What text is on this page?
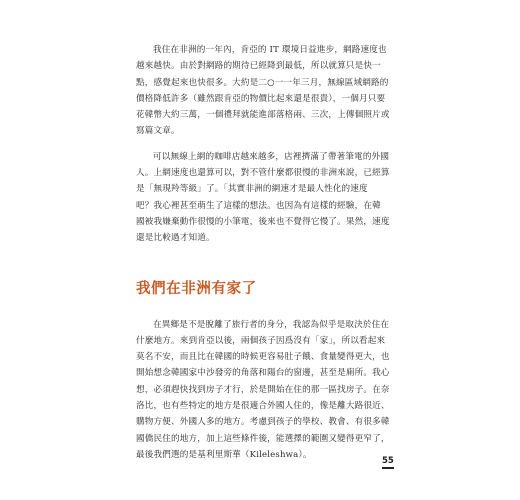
我住在非洲的一年內，肯亞的 IT 環境日益進步，網路速度也
越來越快。由於對網路的期待已經降到最低，所以就算只是快一
點，感覺起來也快很多。大約是二○一一年三月，無線區域網路的
價格降低許多（雖然跟肯亞的物價比起來還是很貴），一個月只要
花韓幣大約三萬，一個禮拜就能進部落格兩、三次，上傳個照片或
寫篇文章。
可以無線上網的咖啡店越來越多，店裡擠滿了帶著筆電的外國
人。上網速度也還算可以，對不管什麼都很慢的非洲來說，已經算
是「無現羚等級」了。「其實非洲的網速才是最人性化的速度
吧？我心裡甚至萌生了這樣的想法。也因為有這樣的經驗，在韓
國被我嫌棄動作很慢的小筆電，後來也不覺得它慢了。果然，速度
還是比較過才知道。
我們在非洲有家了
在異鄉是不是脫離了旅行者的身分，我認為似乎是取決於住在
什麼地方。來到肯亞以後，兩個孩子因爲沒有「家」，所以看起來
莫名不安，而且比在韓國的時候更容易肚子餓、食量變得更大，也
開始想念韓國家中沙發旁的角落和陽台的窗邊，甚至是廁所。我心
想，必須趕快找到房子才行，於是開始在住的那一區找房子。在奈
洛比，也有些特定的地方是很適合外國人住的，像是離大路很近、
購物方便、外國人多的地方。考慮到孩子的學校、教會、有很多韓
國僑民住的地方，加上這些條件後，能選擇的範圍又變得更窄了，
最後我們選的是基利里斯華（Kileleshwa）。
55
